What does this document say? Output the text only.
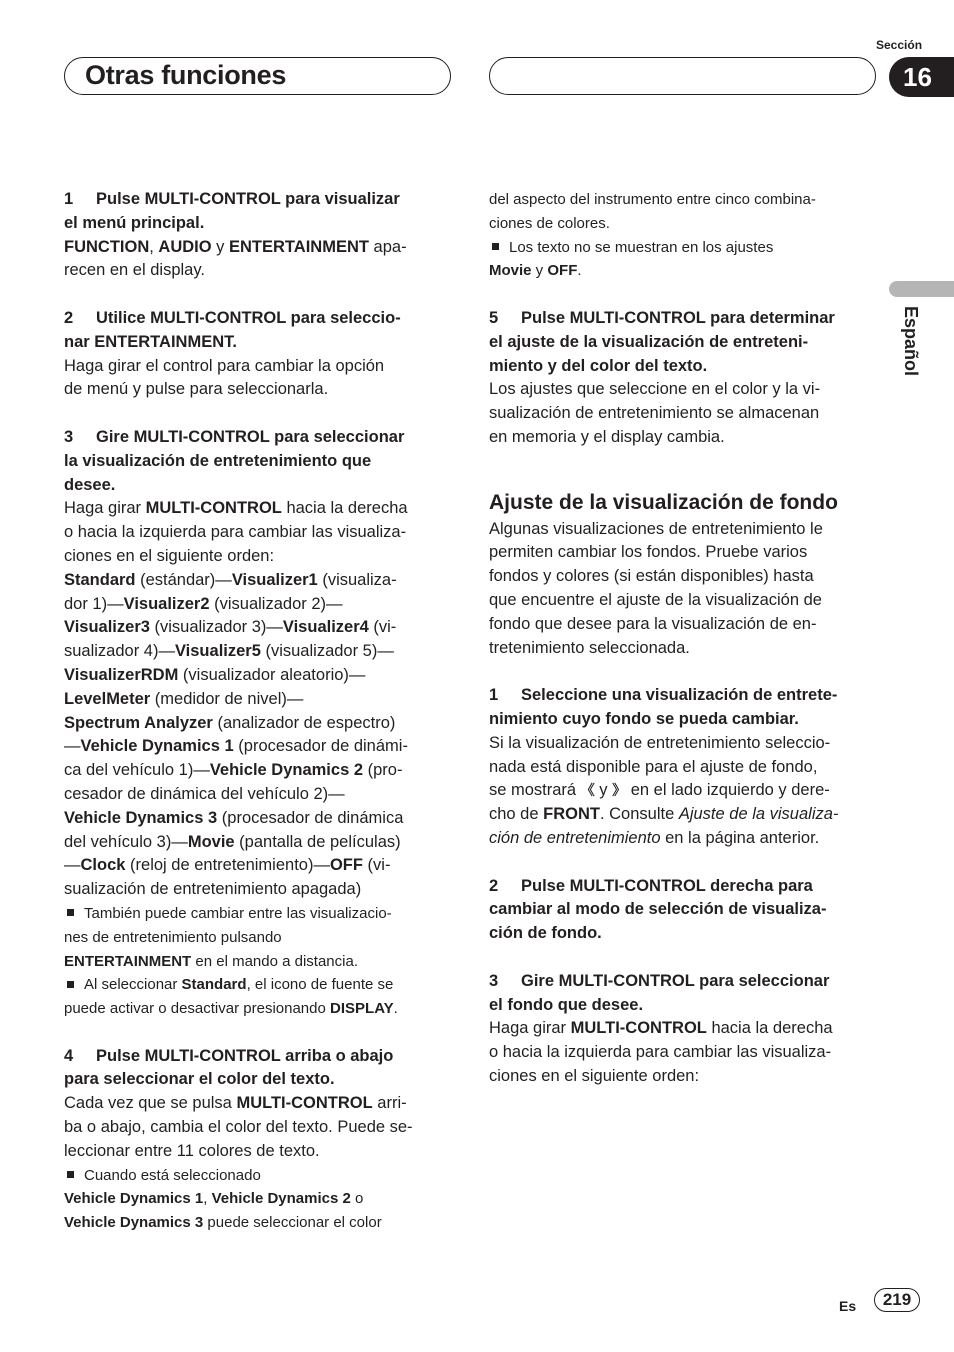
Otras funciones
Sección
16
Español

1 Pulse MULTI-CONTROL para visualizar

el menú principal.

FUNCTION, AUDIO y ENTERTAINMENT apa-

recen en el display.

2 Utilice MULTI-CONTROL para seleccio-

nar ENTERTAINMENT.

Haga girar el control para cambiar la opción

de menú y pulse para seleccionarla.

3 Gire MULTI-CONTROL para seleccionar

la visualización de entretenimiento que

desee.

Haga girar MULTI-CONTROL hacia la derecha

o hacia la izquierda para cambiar las visualiza-

ciones en el siguiente orden:

Standard (estándar)—Visualizer1 (visualiza-

dor 1)—Visualizer2 (visualizador 2)—

Visualizer3 (visualizador 3)—Visualizer4 (vi-

sualizador 4)—Visualizer5 (visualizador 5)—

VisualizerRDM (visualizador aleatorio)—

LevelMeter (medidor de nivel)—

Spectrum Analyzer (analizador de espectro)

—Vehicle Dynamics 1 (procesador de dinámi-

ca del vehículo 1)—Vehicle Dynamics 2 (pro-

cesador de dinámica del vehículo 2)—

Vehicle Dynamics 3 (procesador de dinámica

del vehículo 3)—Movie (pantalla de películas)

—Clock (reloj de entretenimiento)—OFF (vi-

sualización de entretenimiento apagada)

También puede cambiar entre las visualizacio-

nes de entretenimiento pulsando

ENTERTAINMENT en el mando a distancia.

Al seleccionar Standard, el icono de fuente se

puede activar o desactivar presionando DISPLAY.

4 Pulse MULTI-CONTROL arriba o abajo

para seleccionar el color del texto.

Cada vez que se pulsa MULTI-CONTROL arri-

ba o abajo, cambia el color del texto. Puede se-

leccionar entre 11 colores de texto.

Cuando está seleccionado

Vehicle Dynamics 1, Vehicle Dynamics 2 o

Vehicle Dynamics 3 puede seleccionar el color

del aspecto del instrumento entre cinco combina-

ciones de colores.

Los texto no se muestran en los ajustes

Movie y OFF.

5 Pulse MULTI-CONTROL para determinar

el ajuste de la visualización de entreteni-

miento y del color del texto.

Los ajustes que seleccione en el color y la vi-

sualización de entretenimiento se almacenan

en memoria y el display cambia.

Ajuste de la visualización de fondo

Algunas visualizaciones de entretenimiento le

permiten cambiar los fondos. Pruebe varios

fondos y colores (si están disponibles) hasta

que encuentre el ajuste de la visualización de

fondo que desee para la visualización de en-

tretenimiento seleccionada.

1 Seleccione una visualización de entrete-

nimiento cuyo fondo se pueda cambiar.

Si la visualización de entretenimiento seleccio-

nada está disponible para el ajuste de fondo,

se mostrará 《 y 》 en el lado izquierdo y dere-

cho de FRONT. Consulte Ajuste de la visualiza-

ción de entretenimiento en la página anterior.

2 Pulse MULTI-CONTROL derecha para

cambiar al modo de selección de visualiza-

ción de fondo.

3 Gire MULTI-CONTROL para seleccionar

el fondo que desee.

Haga girar MULTI-CONTROL hacia la derecha

o hacia la izquierda para cambiar las visualiza-

ciones en el siguiente orden:

Es	219
